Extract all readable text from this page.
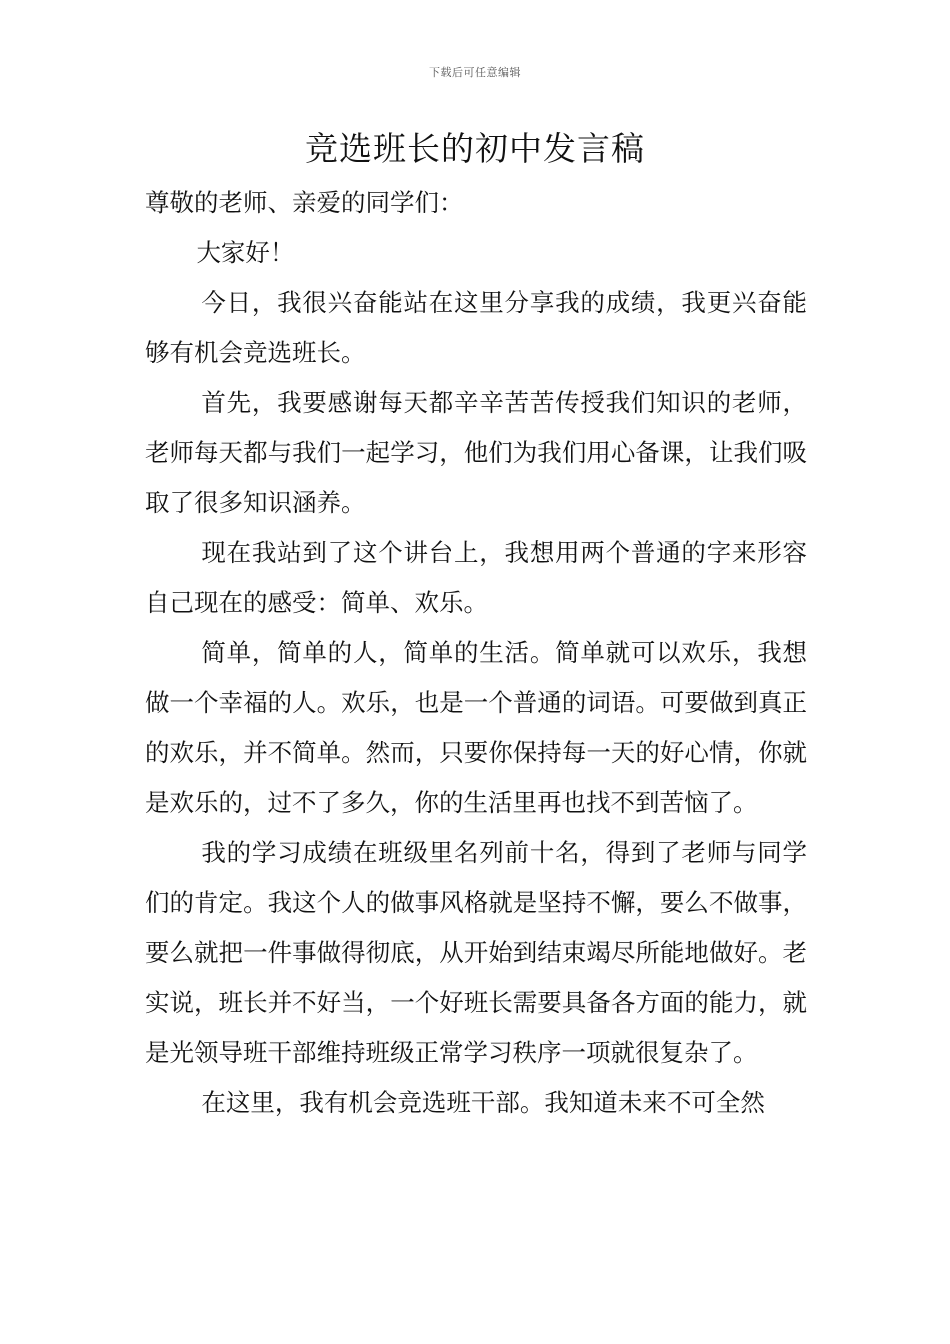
下载后可任意编辑
竞选班长的初中发言稿

尊敬的老师、亲爱的同学们：

大家好！

今日，我很兴奋能站在这里分享我的成绩，我更兴奋能够有机会竞选班长。

首先，我要感谢每天都辛辛苦苦传授我们知识的老师，老师每天都与我们一起学习，他们为我们用心备课，让我们吸取了很多知识涵养。

现在我站到了这个讲台上，我想用两个普通的字来形容自己现在的感受：简单、欢乐。

简单，简单的人，简单的生活。简单就可以欢乐，我想做一个幸福的人。欢乐，也是一个普通的词语。可要做到真正的欢乐，并不简单。然而，只要你保持每一天的好心情，你就是欢乐的，过不了多久，你的生活里再也找不到苦恼了。

我的学习成绩在班级里名列前十名，得到了老师与同学们的肯定。我这个人的做事风格就是坚持不懈，要么不做事，要么就把一件事做得彻底，从开始到结束竭尽所能地做好。老实说，班长并不好当，一个好班长需要具备各方面的能力，就是光领导班干部维持班级正常学习秩序一项就很复杂了。

在这里，我有机会竞选班干部。我知道未来不可全然
